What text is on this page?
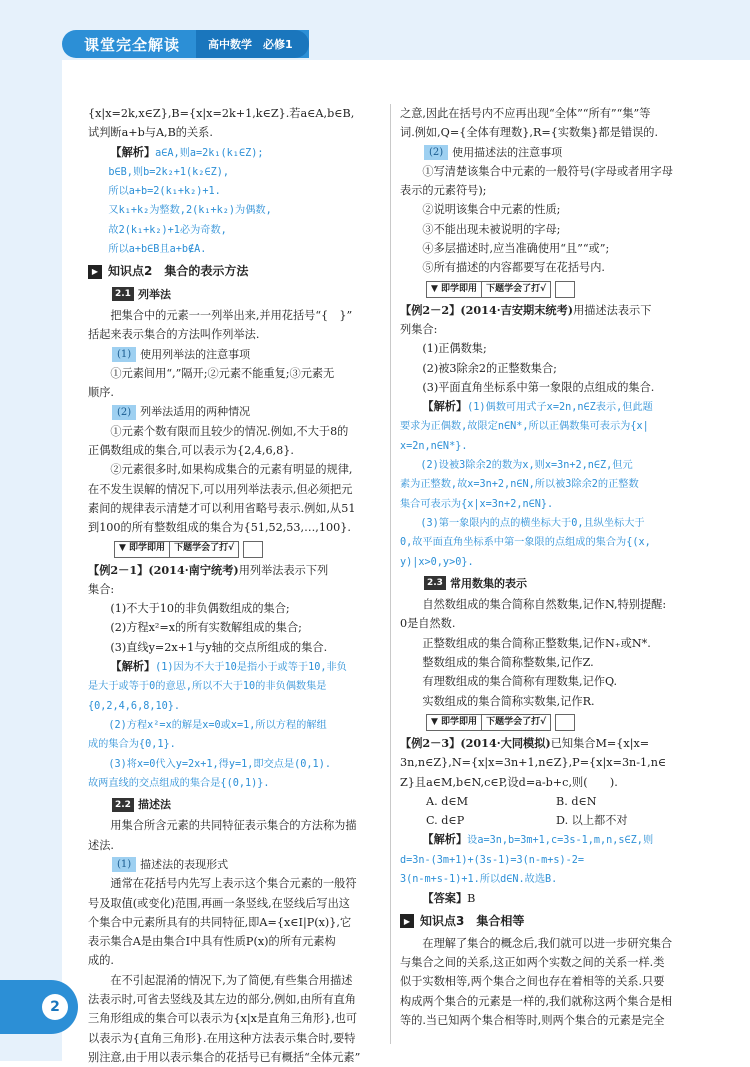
课堂完全解读	高中数学　必修1
2

{x|x=2k,x∈Z},B={x|x=2k+1,k∈Z}.若a∈A,b∈B,

试判断a+b与A,B的关系.

【解析】a∈A,则a=2k₁(k₁∈Z);

b∈B,则b=2k₂+1(k₂∈Z),

所以a+b=2(k₁+k₂)+1.

又k₁+k₂为整数,2(k₁+k₂)为偶数,

故2(k₁+k₂)+1必为奇数,

所以a+b∈B且a+b∉A.

▶ 知识点2　集合的表示方法
2.1 列举法

把集合中的元素一一列举出来,并用花括号“{　}”

括起来表示集合的方法叫作列举法.

(1) 使用列举法的注意事项

①元素间用“,”隔开;②元素不能重复;③元素无

顺序.

(2) 列举法适用的两种情况

①元素个数有限而且较少的情况.例如,不大于8的

正偶数组成的集合,可以表示为{2,4,6,8}.

②元素很多时,如果构成集合的元素有明显的规律,

在不发生误解的情况下,可以用列举法表示,但必须把元

素间的规律表示清楚才可以利用省略号表示.例如,从51

到100的所有整数组成的集合为{51,52,53,…,100}.

▼ 即学即用	下题学会了打√

【例2－1】(2014·南宁统考)用列举法表示下列

集合:

(1)不大于10的非负偶数组成的集合;

(2)方程x²=x的所有实数解组成的集合;

(3)直线y=2x+1与y轴的交点所组成的集合.

【解析】(1)因为不大于10是指小于或等于10,非负

是大于或等于0的意思,所以不大于10的非负偶数集是

{0,2,4,6,8,10}.

(2)方程x²=x的解是x=0或x=1,所以方程的解组

成的集合为{0,1}.

(3)将x=0代入y=2x+1,得y=1,即交点是(0,1).

故两直线的交点组成的集合是{(0,1)}.

2.2 描述法

用集合所含元素的共同特征表示集合的方法称为描

述法.

(1) 描述法的表现形式

通常在花括号内先写上表示这个集合元素的一般符

号及取值(或变化)范围,再画一条竖线,在竖线后写出这

个集合中元素所具有的共同特征,即A={x∈I|P(x)},它

表示集合A是由集合I中具有性质P(x)的所有元素构

成的.

在不引起混淆的情况下,为了简便,有些集合用描述

法表示时,可省去竖线及其左边的部分,例如,由所有直角

三角形组成的集合可以表示为{x|x是直角三角形},也可

以表示为{直角三角形}.在用这种方法表示集合时,要特

别注意,由于用以表示集合的花括号已有概括“全体元素”

之意,因此在括号内不应再出现“全体”“所有”“集”等

词.例如,Q={全体有理数},R={实数集}都是错误的.

(2) 使用描述法的注意事项

①写清楚该集合中元素的一般符号(字母或者用字母

表示的元素符号);

②说明该集合中元素的性质;

③不能出现未被说明的字母;

④多层描述时,应当准确使用“且”“或”;

⑤所有描述的内容都要写在花括号内.

▼ 即学即用	下题学会了打√

【例2－2】(2014·吉安期末统考)用描述法表示下

列集合:

(1)正偶数集;

(2)被3除余2的正整数集合;

(3)平面直角坐标系中第一象限的点组成的集合.

【解析】(1)偶数可用式子x=2n,n∈Z表示,但此题

要求为正偶数,故限定n∈N*,所以正偶数集可表示为{x|

x=2n,n∈N*}.

(2)设被3除余2的数为x,则x=3n+2,n∈Z,但元

素为正整数,故x=3n+2,n∈N,所以被3除余2的正整数

集合可表示为{x|x=3n+2,n∈N}.

(3)第一象限内的点的横坐标大于0,且纵坐标大于

0,故平面直角坐标系中第一象限的点组成的集合为{(x,

y)|x>0,y>0}.

2.3 常用数集的表示

自然数组成的集合简称自然数集,记作N,特别提醒:

0是自然数.

正整数组成的集合简称正整数集,记作N₊或N*.

整数组成的集合简称整数集,记作Z.

有理数组成的集合简称有理数集,记作Q.

实数组成的集合简称实数集,记作R.

▼ 即学即用	下题学会了打√

【例2－3】(2014·大同模拟)已知集合M={x|x=

3n,n∈Z},N={x|x=3n+1,n∈Z},P={x|x=3n-1,n∈

Z}且a∈M,b∈N,c∈P,设d=a-b+c,则(　　).

A. d∈M	B. d∈N
C. d∈P	D. 以上都不对

【解析】设a=3n,b=3m+1,c=3s-1,m,n,s∈Z,则

d=3n-(3m+1)+(3s-1)=3(n-m+s)-2=

3(n-m+s-1)+1.所以d∈N.故选B.

【答案】B

▶ 知识点3　集合相等

在理解了集合的概念后,我们就可以进一步研究集合

与集合之间的关系,这正如两个实数之间的关系一样.类

似于实数相等,两个集合之间也存在着相等的关系.只要

构成两个集合的元素是一样的,我们就称这两个集合是相

等的.当已知两个集合相等时,则两个集合的元素是完全
